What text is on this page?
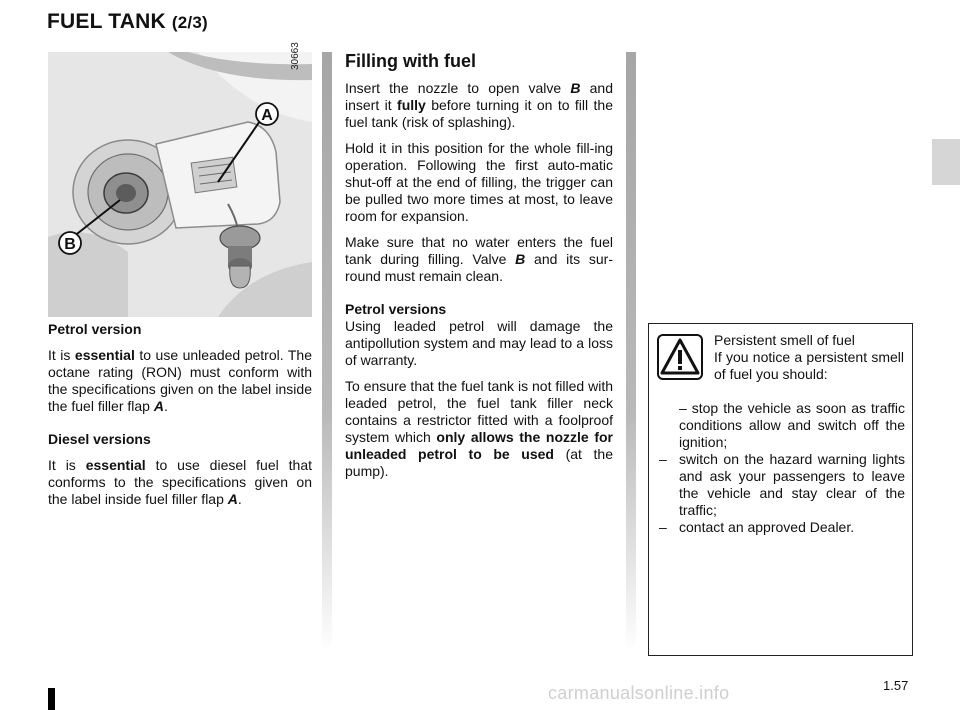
FUEL TANK (2/3)
A
B
30663

Petrol version

It is essential to use unleaded petrol. The octane rating (RON) must conform with the specifications given on the label inside the fuel filler flap A.

Diesel versions

It is essential to use diesel fuel that conforms to the specifications given on the label inside fuel filler flap A.

Filling with fuel

Insert the nozzle to open valve B and insert it fully before turning it on to fill the fuel tank (risk of splashing).

Hold it in this position for the whole fill-ing operation. Following the first auto-matic shut-off at the end of filling, the trigger can be pulled two more times at most, to leave room for expansion.

Make sure that no water enters the fuel tank during filling. Valve B and its sur-round must remain clean.

Petrol versions

Using leaded petrol will damage the antipollution system and may lead to a loss of warranty.

To ensure that the fuel tank is not filled with leaded petrol, the fuel tank filler neck contains a restrictor fitted with a foolproof system which only allows the nozzle for unleaded petrol to be used (at the pump).

Persistent smell of fuel
If you notice a persistent smell of fuel you should:
– stop the vehicle as soon as traffic conditions allow and switch off the ignition;
– switch on the hazard warning lights and ask your passengers to leave the vehicle and stay clear of the traffic;
– contact an approved Dealer.
1.57
carmanualsonline.info
